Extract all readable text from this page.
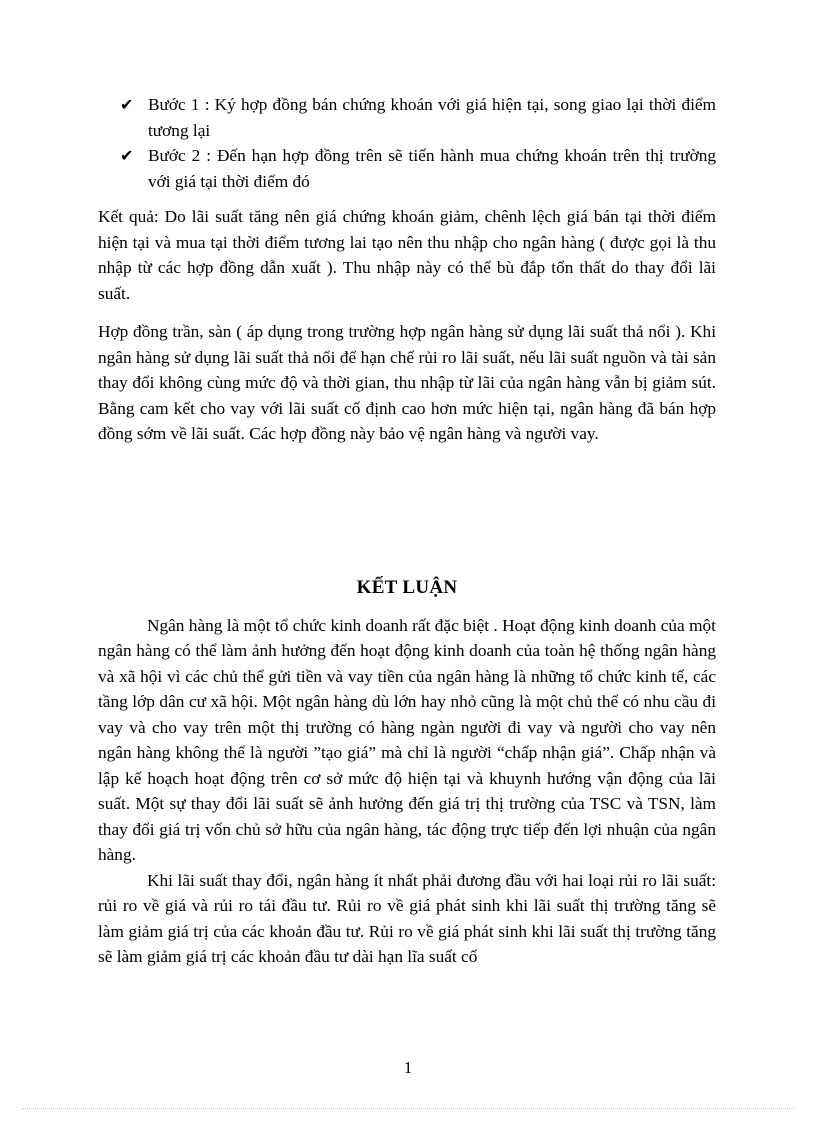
✔ Bước 1 : Ký hợp đồng bán chứng khoán với giá hiện tại, song giao lại thời điểm tương lại
✔ Bước 2 : Đến hạn hợp đồng trên sẽ tiến hành mua chứng khoán trên thị trường với giá tại thời điểm đó

Kết quả: Do lãi suất tăng nên giá chứng khoán giảm, chênh lệch giá bán tại thời điểm hiện tại và mua tại thời điểm tương lai tạo nên thu nhập cho ngân hàng ( được gọi là thu nhập từ các hợp đồng dẫn xuất ). Thu nhập này có thể bù đắp tổn thất do thay đổi lãi suất.

Hợp đồng trần, sàn ( áp dụng trong trường hợp ngân hàng sử dụng lãi suất thả nổi ). Khi ngân hàng sử dụng lãi suất thả nổi để hạn chế rủi ro lãi suất, nếu lãi suất nguồn và tài sản thay đổi không cùng mức độ và thời gian, thu nhập từ lãi của ngân hàng vẫn bị giảm sút. Bằng cam kết cho vay với lãi suất cố định cao hơn mức hiện tại, ngân hàng đã bán hợp đồng sớm về lãi suất. Các hợp đồng này bảo vệ ngân hàng và người vay.

KẾT LUẬN

Ngân hàng là một tổ chức kinh doanh rất đặc biệt . Hoạt động kinh doanh của một ngân hàng có thể làm ảnh hưởng đến hoạt động kinh doanh của toàn hệ thống ngân hàng và xã hội vì các chủ thể gửi tiền và vay tiền của ngân hàng là những tổ chức kinh tế, các tầng lớp dân cư xã hội. Một ngân hàng dù lớn hay nhỏ cũng là một chủ thể có nhu cầu đi vay và cho vay trên một thị trường có hàng ngàn người đi vay và người cho vay nên ngân hàng không thể là người ”tạo giá” mà chỉ là người “chấp nhận giá”. Chấp nhận và lập kế hoạch hoạt động trên cơ sở mức độ hiện tại và khuynh hướng vận động của lãi suất. Một sự thay đổi lãi suất sẽ ảnh hưởng đến giá trị thị trường của TSC và TSN, làm thay đổi giá trị vốn chủ sở hữu của ngân hàng, tác động trực tiếp đến lợi nhuận của ngân hàng.

Khi lãi suất thay đổi, ngân hàng ít nhất phải đương đầu với hai loại rủi ro lãi suất: rủi ro về giá và rủi ro tái đầu tư. Rủi ro về giá phát sinh khi lãi suất thị trường tăng sẽ làm giảm giá trị của các khoản đầu tư. Rủi ro về giá phát sinh khi lãi suất thị trường tăng sẽ làm giảm giá trị các khoản đầu tư dài hạn lĩa suất cố

1
